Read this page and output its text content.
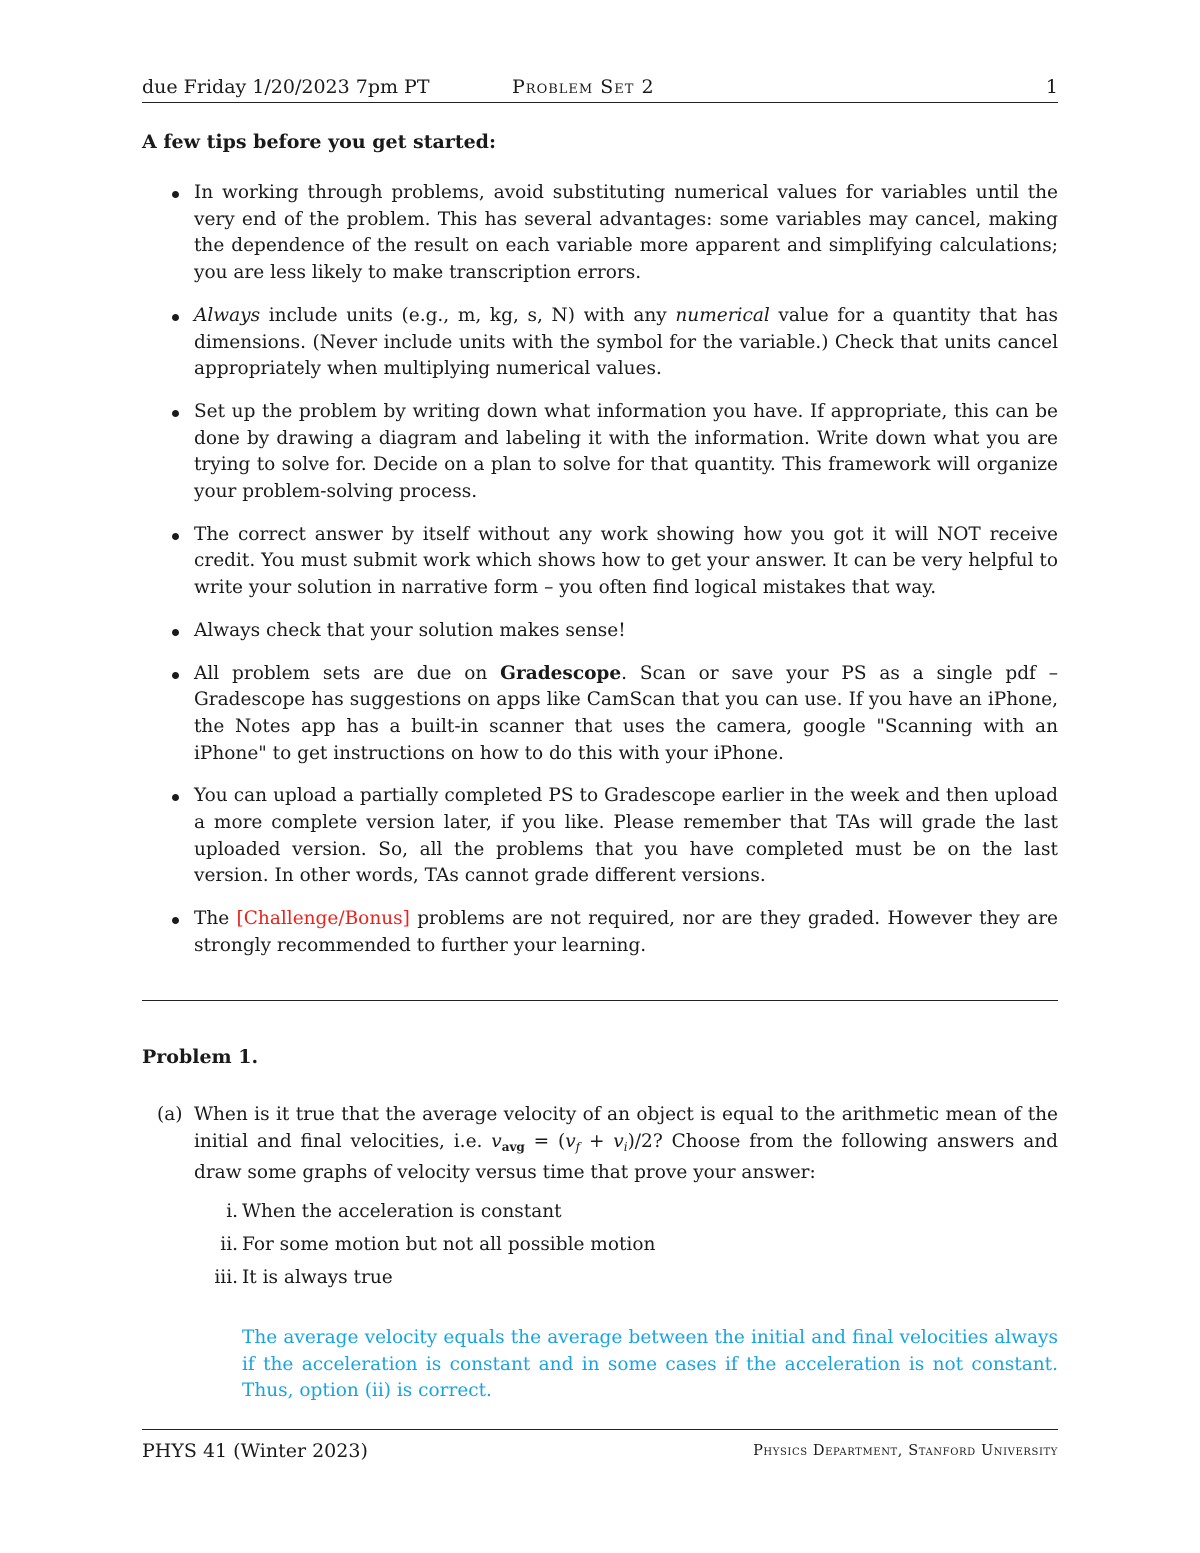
due Friday 1/20/2023 7pm PT	Problem Set 2	1
A few tips before you get started:
In working through problems, avoid substituting numerical values for variables until the very end of the problem. This has several advantages: some variables may cancel, making the dependence of the result on each variable more apparent and simplifying calculations; you are less likely to make transcription errors.
Always include units (e.g., m, kg, s, N) with any numerical value for a quantity that has dimensions. (Never include units with the symbol for the variable.) Check that units cancel appropriately when multiplying numerical values.
Set up the problem by writing down what information you have. If appropriate, this can be done by drawing a diagram and labeling it with the information. Write down what you are trying to solve for. Decide on a plan to solve for that quantity. This framework will organize your problem-solving process.
The correct answer by itself without any work showing how you got it will NOT receive credit. You must submit work which shows how to get your answer. It can be very helpful to write your solution in narrative form – you often find logical mistakes that way.
Always check that your solution makes sense!
All problem sets are due on Gradescope. Scan or save your PS as a single pdf – Gradescope has suggestions on apps like CamScan that you can use. If you have an iPhone, the Notes app has a built-in scanner that uses the camera, google "Scanning with an iPhone" to get instructions on how to do this with your iPhone.
You can upload a partially completed PS to Gradescope earlier in the week and then upload a more complete version later, if you like. Please remember that TAs will grade the last uploaded version. So, all the problems that you have completed must be on the last version. In other words, TAs cannot grade different versions.
The [Challenge/Bonus] problems are not required, nor are they graded. However they are strongly recommended to further your learning.
Problem 1.
(a) When is it true that the average velocity of an object is equal to the arithmetic mean of the initial and final velocities, i.e. $v_{avg} = (v_f + v_i)/2$? Choose from the following answers and draw some graphs of velocity versus time that prove your answer:
i. When the acceleration is constant
ii. For some motion but not all possible motion
iii. It is always true
The average velocity equals the average between the initial and final velocities always if the acceleration is constant and in some cases if the acceleration is not constant. Thus, option (ii) is correct.
PHYS 41 (Winter 2023)	Physics Department, Stanford University
